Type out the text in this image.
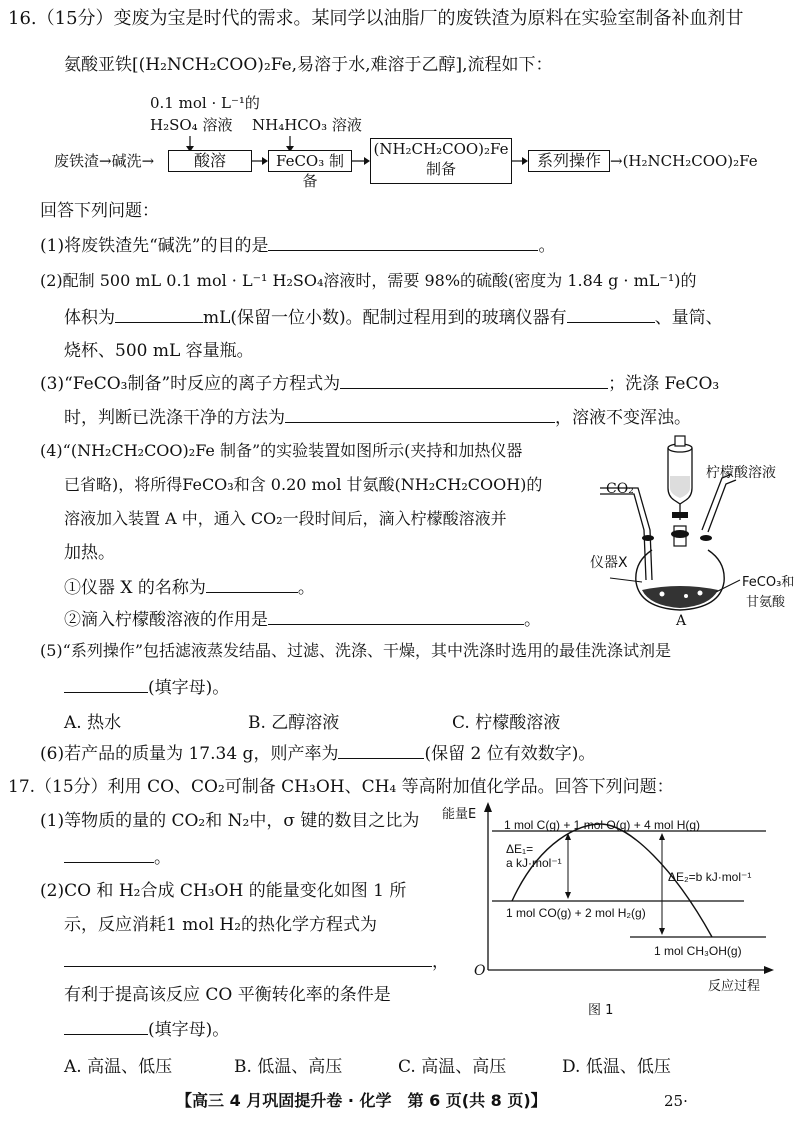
16.（15分）变废为宝是时代的需求。某同学以油脂厂的废铁渣为原料在实验室制备补血剂甘
氨酸亚铁[(H₂NCH₂COO)₂Fe,易溶于水,难溶于乙醇],流程如下：
0.1 mol · L⁻¹的
H₂SO₄ 溶液 NH₄HCO₃ 溶液
废铁渣→碱洗→	酸溶	FeCO₃ 制备
(NH₂CH₂COO)₂Fe
制备	系列操作 →(H₂NCH₂COO)₂Fe
回答下列问题：
(1)将废铁渣先“碱洗”的目的是	。
(2)配制 500 mL 0.1 mol · L⁻¹ H₂SO₄溶液时，需要 98%的硫酸(密度为 1.84 g · mL⁻¹)的
体积为	mL(保留一位小数)。配制过程用到的玻璃仪器有	、量筒、
烧杯、500 mL 容量瓶。
(3)“FeCO₃制备”时反应的离子方程式为	；洗涤 FeCO₃
时，判断已洗涤干净的方法为	，溶液不变浑浊。
(4)“(NH₂CH₂COO)₂Fe 制备”的实验装置如图所示(夹持和加热仪器
已省略)，将所得FeCO₃和含 0.20 mol 甘氨酸(NH₂CH₂COOH)的
溶液加入装置 A 中，通入 CO₂一段时间后，滴入柠檬酸溶液并
加热。
①仪器 X 的名称为	。
②滴入柠檬酸溶液的作用是	。
CO₂
柠檬酸溶液
仪器X
A
FeCO₃和
甘氨酸
(5)“系列操作”包括滤液蒸发结晶、过滤、洗涤、干燥，其中洗涤时选用的最佳洗涤试剂是
(填字母)。
A. 热水	B. 乙醇溶液	C. 柠檬酸溶液
(6)若产品的质量为 17.34 g，则产率为	(保留 2 位有效数字)。
17.（15分）利用 CO、CO₂可制备 CH₃OH、CH₄ 等高附加值化学品。回答下列问题：
(1)等物质的量的 CO₂和 N₂中，σ 键的数目之比为
。
(2)CO 和 H₂合成 CH₃OH 的能量变化如图 1 所
示，反应消耗1 mol H₂的热化学方程式为
，
有利于提高该反应 CO 平衡转化率的条件是
(填字母)。
A. 高温、低压	B. 低温、高压	C. 高温、高压	D. 低温、低压
能量E
1 mol C(g) + 1 mol O(g) + 4 mol H(g)
ΔE₁=
a kJ·mol⁻¹
ΔE₂=b kJ·mol⁻¹
1 mol CO(g) + 2 mol H₂(g)
1 mol CH₃OH(g)
O
反应过程
图 1
【高三 4 月巩固提升卷 · 化学　第 6 页(共 8 页)】	25·
